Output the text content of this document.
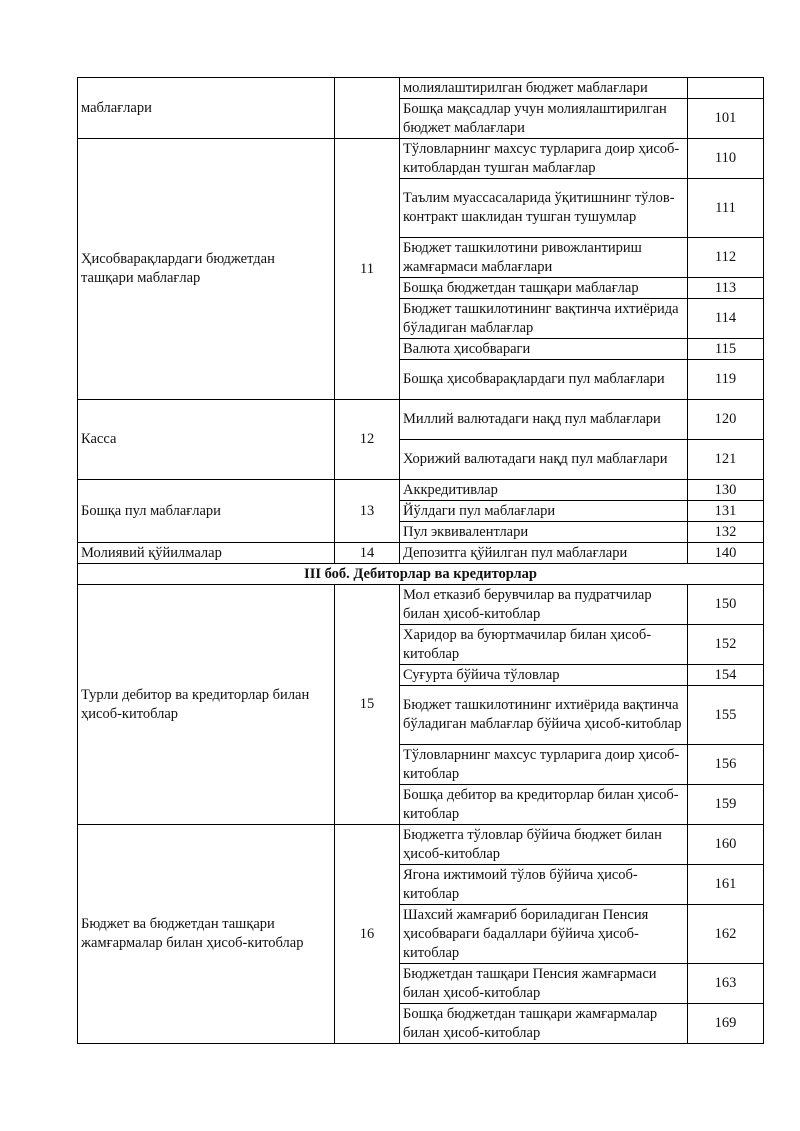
маблағлари		молиялаштирилган бюджет маблағлари	
		Бошқа мақсадлар учун молиялаштирилган бюджет маблағлари	101
Ҳисобварақлардаги бюджетдан ташқари маблағлар	11	Тўловларнинг махсус турларига доир ҳисоб-китоблардан тушган маблағлар	110
		Таълим муассасаларида ўқитишнинг тўлов-контракт шаклидан тушган тушумлар	111
		Бюджет ташкилотини ривожлантириш жамғармаси маблағлари	112
		Бошқа бюджетдан ташқари маблағлар	113
		Бюджет ташкилотининг вақтинча ихтиёрида бўладиган маблағлар	114
		Валюта ҳисобвараги	115
		Бошқа ҳисобварақлардаги пул маблағлари	119
Касса	12	Миллий валютадаги нақд пул маблағлари	120
		Хорижий валютадаги нақд пул маблағлари	121
Бошқа пул маблағлари	13	Аккредитивлар	130
		Йўлдаги пул маблағлари	131
		Пул эквивалентлари	132
Молиявий қўйилмалар	14	Депозитга қўйилган пул маблағлари	140
III боб. Дебиторлар ва кредиторлар			
Турли дебитор ва кредиторлар билан ҳисоб-китоблар	15	Мол етказиб берувчилар ва пудратчилар билан ҳисоб-китоблар	150
		Харидор ва буюртмачилар билан ҳисоб-китоблар	152
		Суғурта бўйича тўловлар	154
		Бюджет ташкилотининг ихтиёрида вақтинча бўладиган маблағлар бўйича ҳисоб-китоблар	155
		Тўловларнинг махсус турларига доир ҳисоб-китоблар	156
		Бошқа дебитор ва кредиторлар билан ҳисоб-китоблар	159
Бюджет ва бюджетдан ташқари жамғармалар билан ҳисоб-китоблар	16	Бюджетга тўловлар бўйича бюджет билан ҳисоб-китоблар	160
		Ягона ижтимоий тўлов бўйича ҳисоб-китоблар	161
		Шахсий жамғариб бориладиган Пенсия ҳисобвараги бадаллари бўйича ҳисоб-китоблар	162
		Бюджетдан ташқари Пенсия жамғармаси билан ҳисоб-китоблар	163
		Бошқа бюджетдан ташқари жамғармалар билан ҳисоб-китоблар	169
